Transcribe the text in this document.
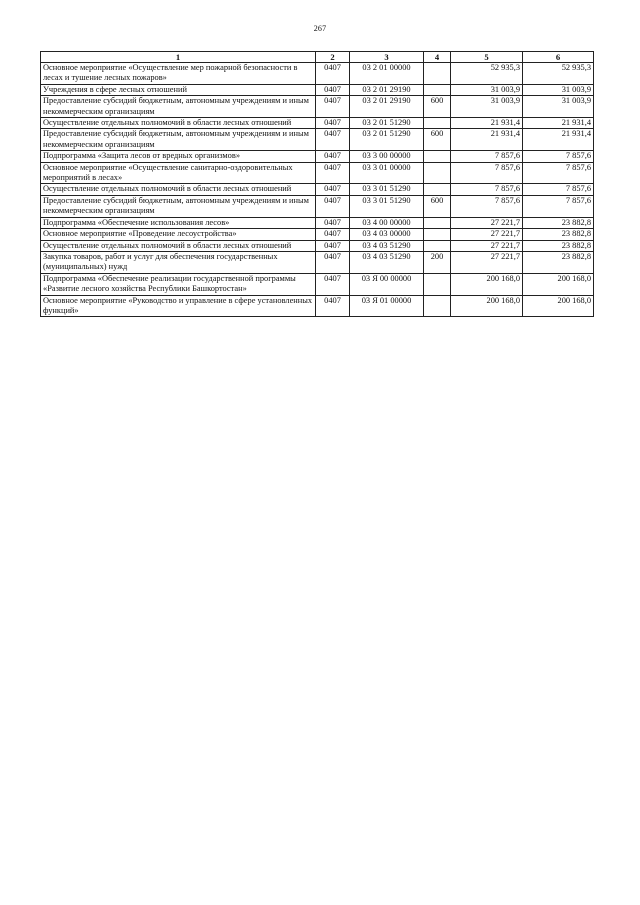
267
1	2	3	4	5	6
Основное мероприятие «Осуществление мер пожарной безопасности в лесах и тушение лесных пожаров»	0407	03 2 01 00000		52 935,3	52 935,3
Учреждения в сфере лесных отношений	0407	03 2 01 29190		31 003,9	31 003,9
Предоставление субсидий бюджетным, автономным учреждениям и иным некоммерческим организациям	0407	03 2 01 29190	600	31 003,9	31 003,9
Осуществление отдельных полномочий в области лесных отношений	0407	03 2 01 51290		21 931,4	21 931,4
Предоставление субсидий бюджетным, автономным учреждениям и иным некоммерческим организациям	0407	03 2 01 51290	600	21 931,4	21 931,4
Подпрограмма «Защита лесов от вредных организмов»	0407	03 3 00 00000		7 857,6	7 857,6
Основное мероприятие «Осуществление санитарно-оздоровительных мероприятий в лесах»	0407	03 3 01 00000		7 857,6	7 857,6
Осуществление отдельных полномочий в области лесных отношений	0407	03 3 01 51290		7 857,6	7 857,6
Предоставление субсидий бюджетным, автономным учреждениям и иным некоммерческим организациям	0407	03 3 01 51290	600	7 857,6	7 857,6
Подпрограмма «Обеспечение использования лесов»	0407	03 4 00 00000		27 221,7	23 882,8
Основное мероприятие «Проведение лесоустройства»	0407	03 4 03 00000		27 221,7	23 882,8
Осуществление отдельных полномочий в области лесных отношений	0407	03 4 03 51290		27 221,7	23 882,8
Закупка товаров, работ и услуг для обеспечения государственных (муниципальных) нужд	0407	03 4 03 51290	200	27 221,7	23 882,8
Подпрограмма «Обеспечение реализации государственной программы «Развитие лесного хозяйства Республики Башкортостан»	0407	03 Я 00 00000		200 168,0	200 168,0
Основное мероприятие «Руководство и управление в сфере установленных функций»	0407	03 Я 01 00000		200 168,0	200 168,0
